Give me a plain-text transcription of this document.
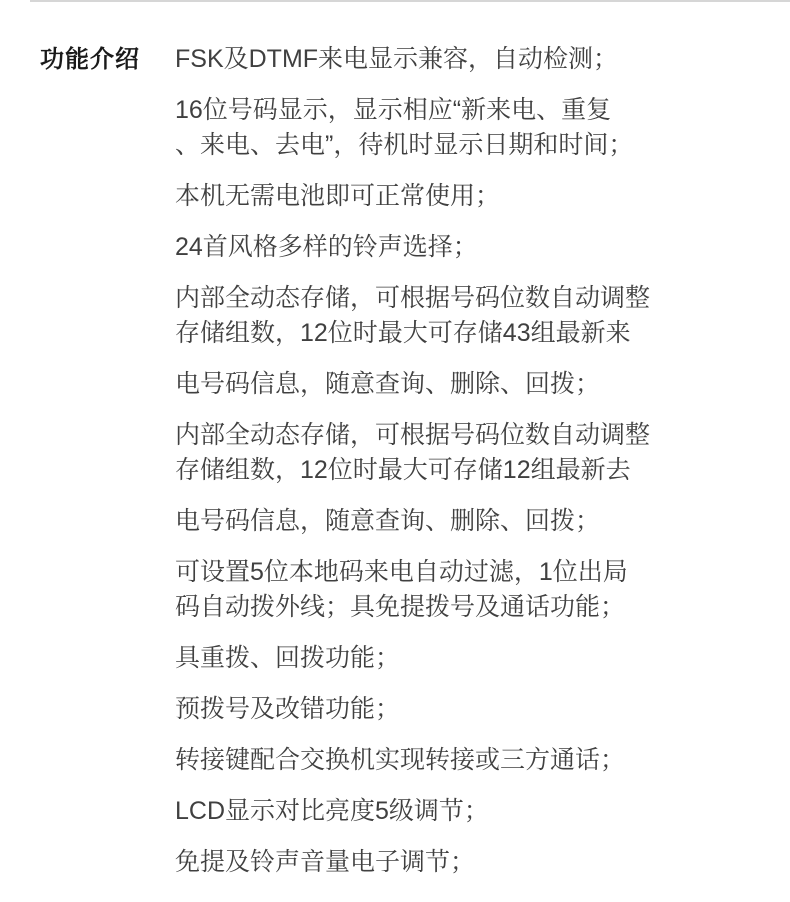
功能介绍 FSK及DTMF来电显示兼容，自动检测；
16位号码显示，显示相应“新来电、重复
、来电、去电”，待机时显示日期和时间；
本机无需电池即可正常使用；
24首风格多样的铃声选择；
内部全动态存储，可根据号码位数自动调整
存储组数，12位时最大可存储43组最新来
电号码信息，随意查询、删除、回拨；
内部全动态存储，可根据号码位数自动调整
存储组数，12位时最大可存储12组最新去
电号码信息，随意查询、删除、回拨；
可设置5位本地码来电自动过滤，1位出局
码自动拨外线；具免提拨号及通话功能；
具重拨、回拨功能；
预拨号及改错功能；
转接键配合交换机实现转接或三方通话；
LCD显示对比亮度5级调节；
免提及铃声音量电子调节；
